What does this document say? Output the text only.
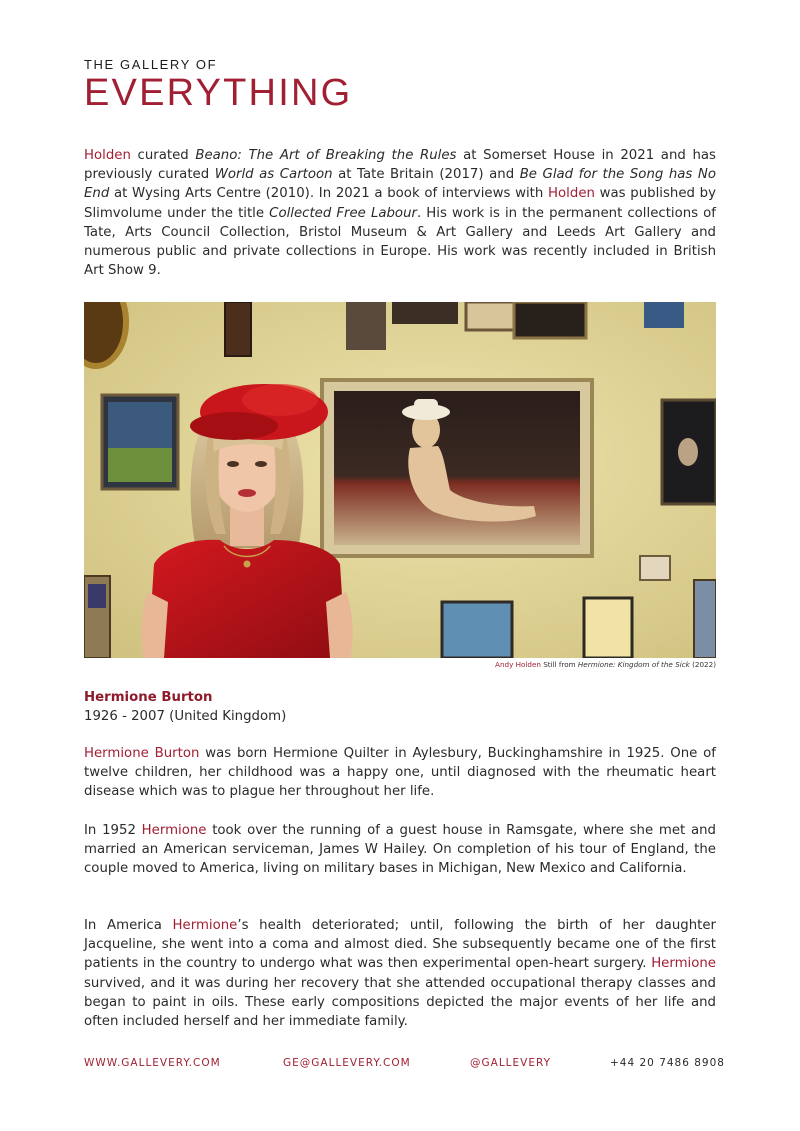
THE GALLERY OF
EVERYTHING

Holden curated Beano: The Art of Breaking the Rules at Somerset House in 2021 and has previously curated World as Cartoon at Tate Britain (2017) and Be Glad for the Song has No End at Wysing Arts Centre (2010). In 2021 a book of interviews with Holden was published by Slimvolume under the title Collected Free Labour. His work is in the permanent collections of Tate, Arts Council Collection, Bristol Museum & Art Gallery and Leeds Art Gallery and numerous public and private collections in Europe. His work was recently included in British Art Show 9.

Andy Holden Still from Hermione: Kingdom of the Sick (2022)
Hermione Burton
1926 - 2007 (United Kingdom)

Hermione Burton was born Hermione Quilter in Aylesbury, Buckinghamshire in 1925. One of twelve children, her childhood was a happy one, until diagnosed with the rheumatic heart disease which was to plague her throughout her life.

In 1952 Hermione took over the running of a guest house in Ramsgate, where she met and married an American serviceman, James W Hailey. On completion of his tour of England, the couple moved to America, living on military bases in Michigan, New Mexico and California.

In America Hermione’s health deteriorated; until, following the birth of her daughter Jacqueline, she went into a coma and almost died. She subsequently became one of the first patients in the country to undergo what was then experimental open-heart surgery. Hermione survived, and it was during her recovery that she attended occupational therapy classes and began to paint in oils. These early compositions depicted the major events of her life and often included herself and her immediate family.

WWW.GALLEVERY.COM	GE@GALLEVERY.COM	@GALLEVERY	+44 20 7486 8908
